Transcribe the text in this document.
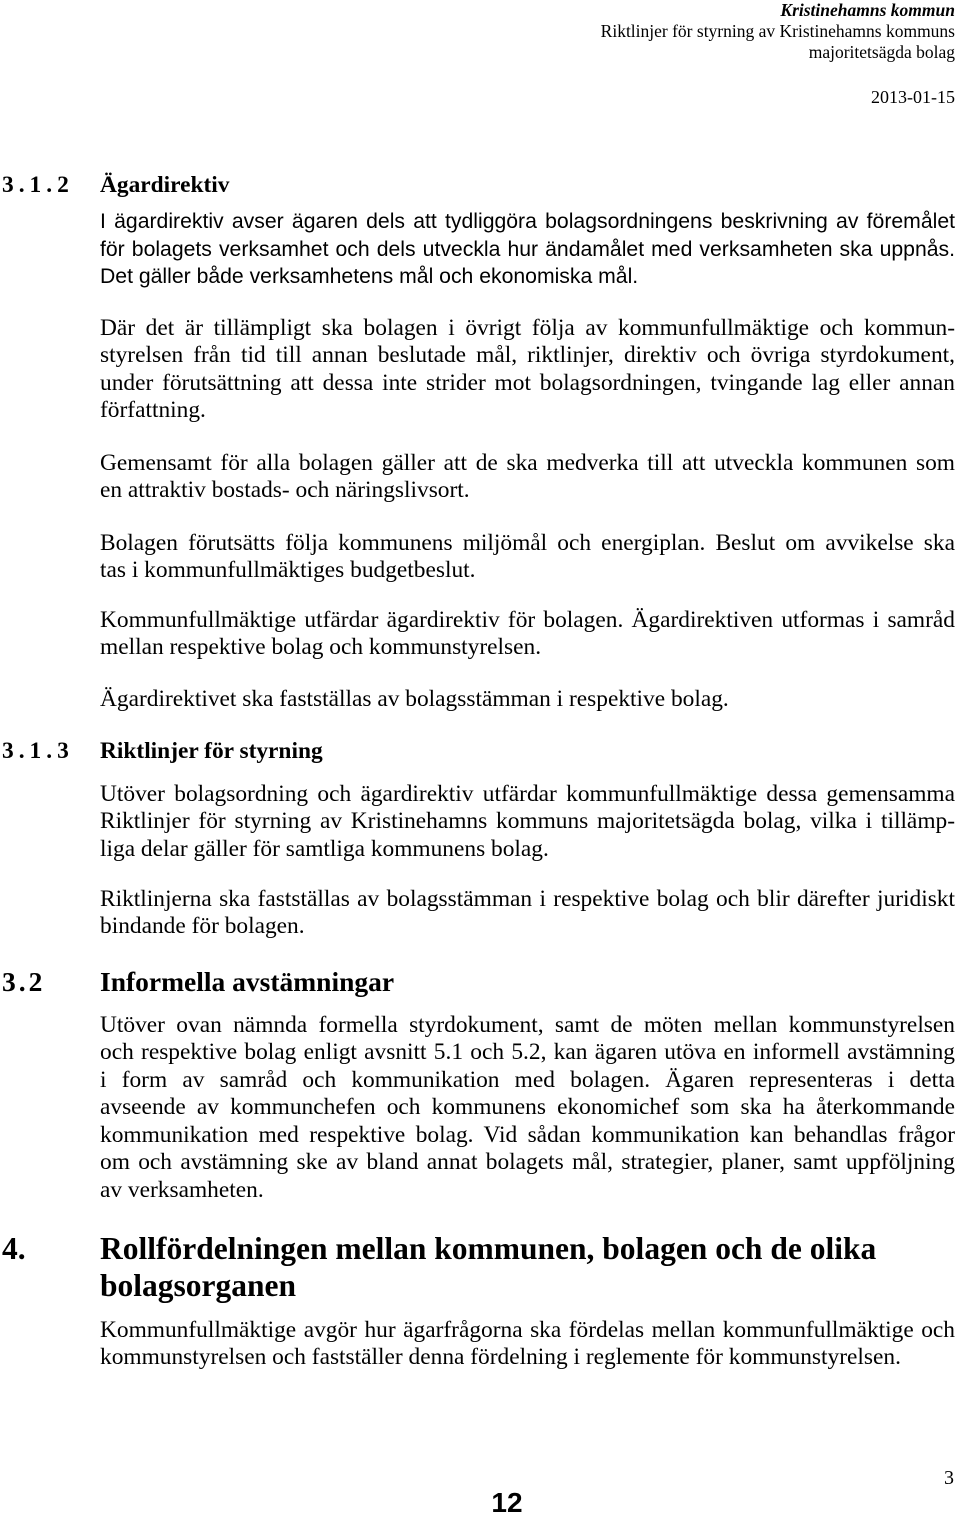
Kristinehamns kommun
Riktlinjer för styrning av Kristinehamns kommuns
majoritetsägda bolag
2013-01-15
3.1.2 Ägardirektiv
I ägardirektiv avser ägaren dels att tydliggöra bolagsordningens beskrivning av föremålet
för bolagets verksamhet och dels utveckla hur ändamålet med verksamheten ska uppnås.
Det gäller både verksamhetens mål och ekonomiska mål.
Där det är tillämpligt ska bolagen i övrigt följa av kommunfullmäktige och kommun-
styrelsen från tid till annan beslutade mål, riktlinjer, direktiv och övriga styrdokument,
under förutsättning att dessa inte strider mot bolagsordningen, tvingande lag eller annan
författning.
Gemensamt för alla bolagen gäller att de ska medverka till att utveckla kommunen som
en attraktiv bostads- och näringslivsort.
Bolagen förutsätts följa kommunens miljömål och energiplan. Beslut om avvikelse ska
tas i kommunfullmäktiges budgetbeslut.
Kommunfullmäktige utfärdar ägardirektiv för bolagen. Ägardirektiven utformas i samråd
mellan respektive bolag och kommunstyrelsen.
Ägardirektivet ska fastställas av bolagsstämman i respektive bolag.
3.1.3 Riktlinjer för styrning
Utöver bolagsordning och ägardirektiv utfärdar kommunfullmäktige dessa gemensamma
Riktlinjer för styrning av Kristinehamns kommuns majoritetsägda bolag, vilka i tillämp-
liga delar gäller för samtliga kommunens bolag.
Riktlinjerna ska fastställas av bolagsstämman i respektive bolag och blir därefter juridiskt
bindande för bolagen.
3.2 Informella avstämningar
Utöver ovan nämnda formella styrdokument, samt de möten mellan kommunstyrelsen
och respektive bolag enligt avsnitt 5.1 och 5.2, kan ägaren utöva en informell avstämning
i form av samråd och kommunikation med bolagen. Ägaren representeras i detta
avseende av kommunchefen och kommunens ekonomichef som ska ha återkommande
kommunikation med respektive bolag. Vid sådan kommunikation kan behandlas frågor
om och avstämning ske av bland annat bolagets mål, strategier, planer, samt uppföljning
av verksamheten.
4. Rollfördelningen mellan kommunen, bolagen och de olika
bolagsorganen
Kommunfullmäktige avgör hur ägarfrågorna ska fördelas mellan kommunfullmäktige och
kommunstyrelsen och fastställer denna fördelning i reglemente för kommunstyrelsen.
3
12
